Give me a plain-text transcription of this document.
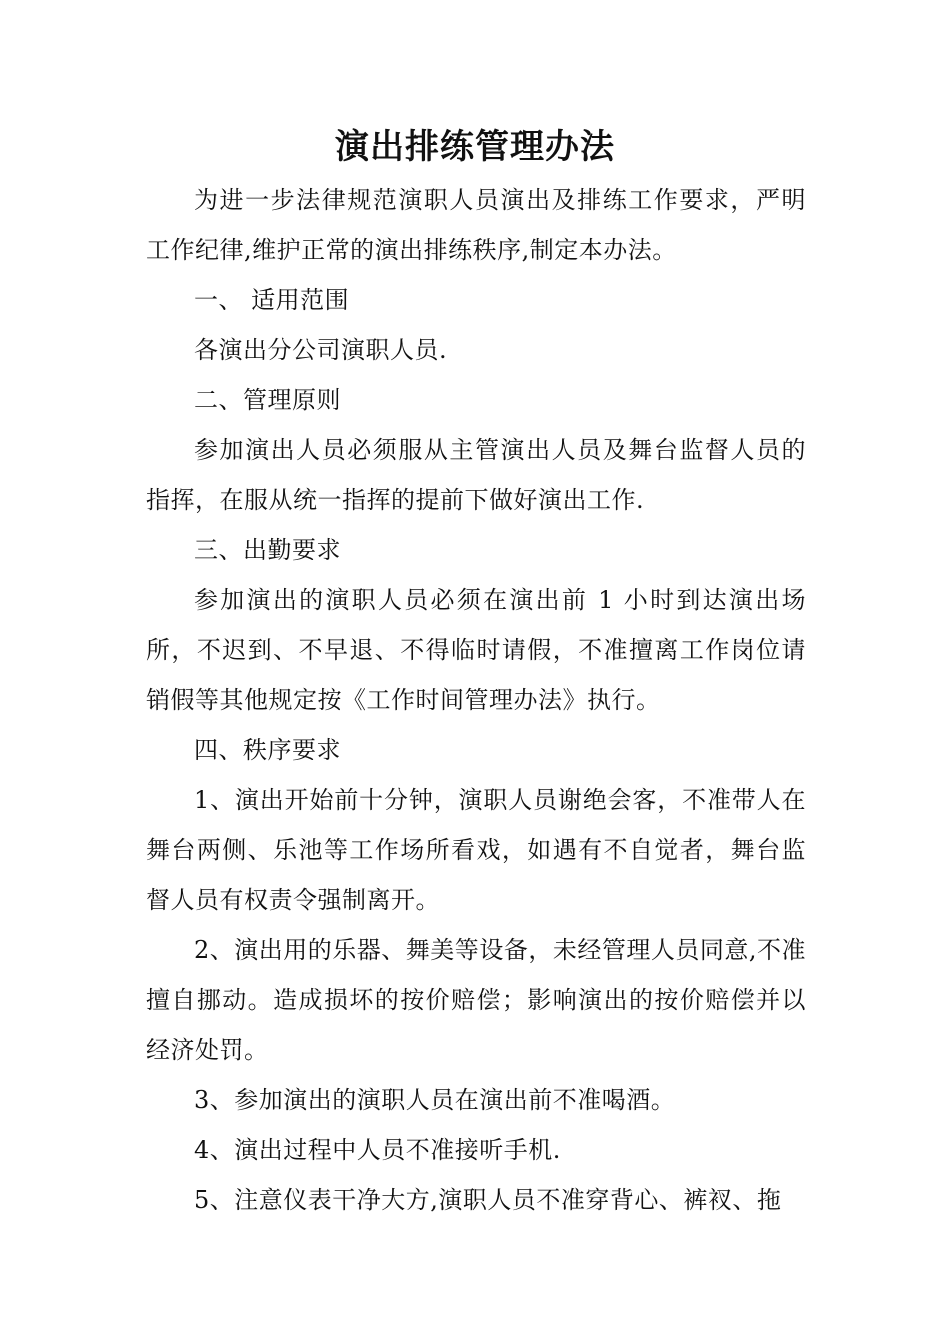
演出排练管理办法

为进一步法律规范演职人员演出及排练工作要求，严明工作纪律,维护正常的演出排练秩序,制定本办法。

一、 适用范围

各演出分公司演职人员.

二、管理原则

参加演出人员必须服从主管演出人员及舞台监督人员的指挥，在服从统一指挥的提前下做好演出工作.

三、出勤要求

参加演出的演职人员必须在演出前 1 小时到达演出场所，不迟到、不早退、不得临时请假，不准擅离工作岗位请销假等其他规定按《工作时间管理办法》执行。

四、秩序要求

1、演出开始前十分钟，演职人员谢绝会客，不准带人在舞台两侧、乐池等工作场所看戏，如遇有不自觉者，舞台监督人员有权责令强制离开。

2、演出用的乐器、舞美等设备，未经管理人员同意,不准擅自挪动。造成损坏的按价赔偿；影响演出的按价赔偿并以经济处罚。

3、参加演出的演职人员在演出前不准喝酒。

4、演出过程中人员不准接听手机.

5、注意仪表干净大方,演职人员不准穿背心、裤衩、拖
